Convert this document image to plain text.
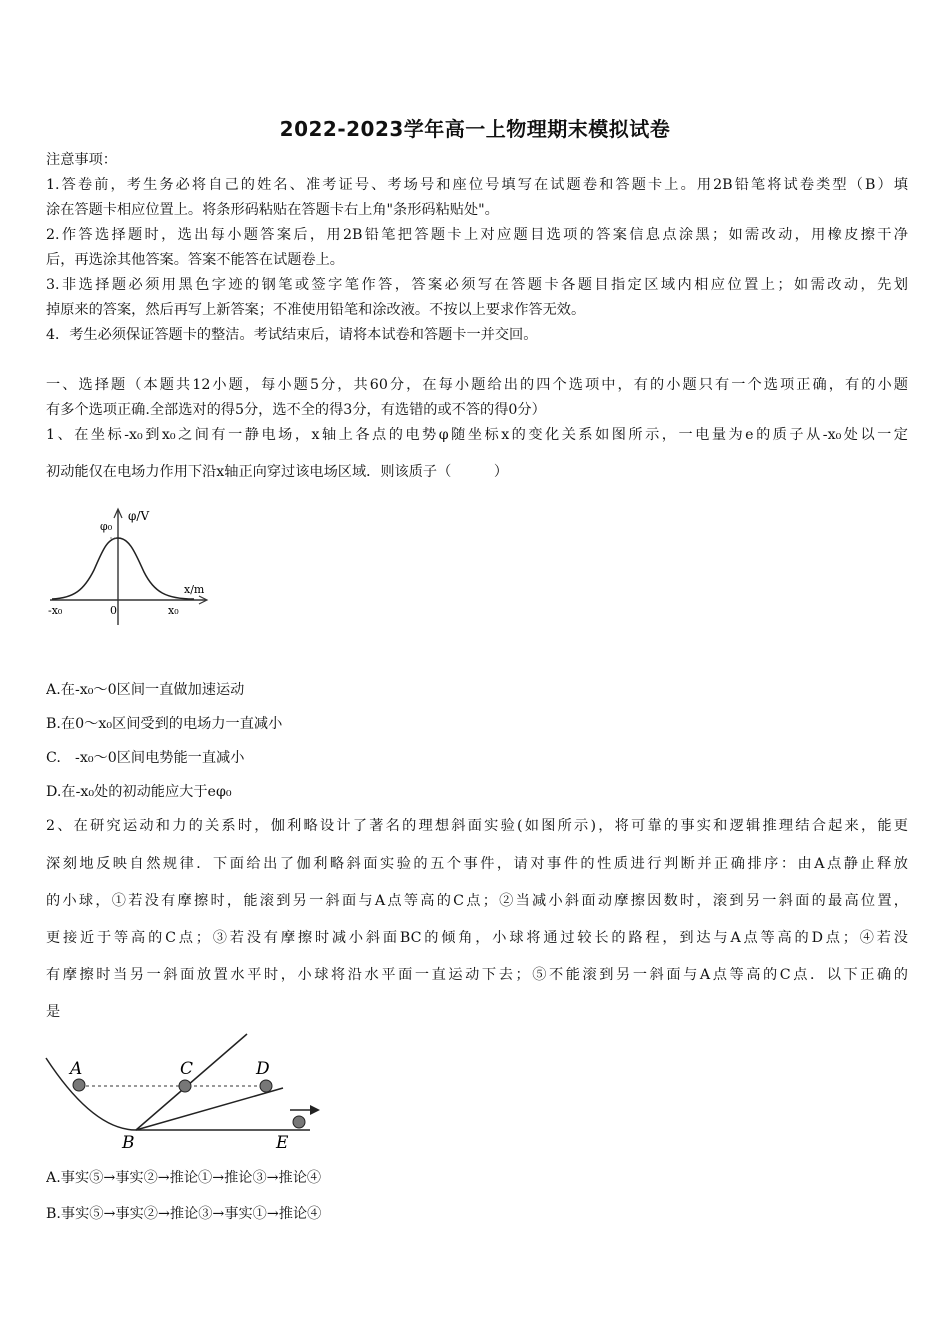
2022-2023学年高一上物理期末模拟试卷
注意事项：
1.答卷前，考生务必将自己的姓名、准考证号、考场号和座位号填写在试题卷和答题卡上。用2B铅笔将试卷类型（B）填
涂在答题卡相应位置上。将条形码粘贴在答题卡右上角"条形码粘贴处"。
2.作答选择题时，选出每小题答案后，用2B铅笔把答题卡上对应题目选项的答案信息点涂黑；如需改动，用橡皮擦干净
后，再选涂其他答案。答案不能答在试题卷上。
3.非选择题必须用黑色字迹的钢笔或签字笔作答，答案必须写在答题卡各题目指定区域内相应位置上；如需改动，先划
掉原来的答案，然后再写上新答案；不准使用铅笔和涂改液。不按以上要求作答无效。
4．考生必须保证答题卡的整洁。考试结束后，请将本试卷和答题卡一并交回。
一、选择题（本题共12小题，每小题5分，共60分，在每小题给出的四个选项中，有的小题只有一个选项正确，有的小题
有多个选项正确.全部选对的得5分，选不全的得3分，有选错的或不答的得0分）
1、在坐标-x₀到x₀之间有一静电场，x轴上各点的电势φ随坐标x的变化关系如图所示，一电量为e的质子从-x₀处以一定
初动能仅在电场力作用下沿x轴正向穿过该电场区域．则该质子（　　　）
φ₀
φ/V
x/m
0
-x₀	x₀
A.在-x₀～0区间一直做加速运动
B.在0～x₀区间受到的电场力一直减小
C.　-x₀～0区间电势能一直减小
D.在-x₀处的初动能应大于eφ₀
2、在研究运动和力的关系时，伽利略设计了著名的理想斜面实验(如图所示)，将可靠的事实和逻辑推理结合起来，能更
深刻地反映自然规律．下面给出了伽利略斜面实验的五个事件，请对事件的性质进行判断并正确排序：由A点静止释放
的小球，①若没有摩擦时，能滚到另一斜面与A点等高的C点；②当减小斜面动摩擦因数时，滚到另一斜面的最高位置，
更接近于等高的C点；③若没有摩擦时减小斜面BC的倾角，小球将通过较长的路程，到达与A点等高的D点；④若没
有摩擦时当另一斜面放置水平时，小球将沿水平面一直运动下去；⑤不能滚到另一斜面与A点等高的C点．以下正确的
是
A	C	D
B	E
A.事实⑤→事实②→推论①→推论③→推论④
B.事实⑤→事实②→推论③→事实①→推论④
